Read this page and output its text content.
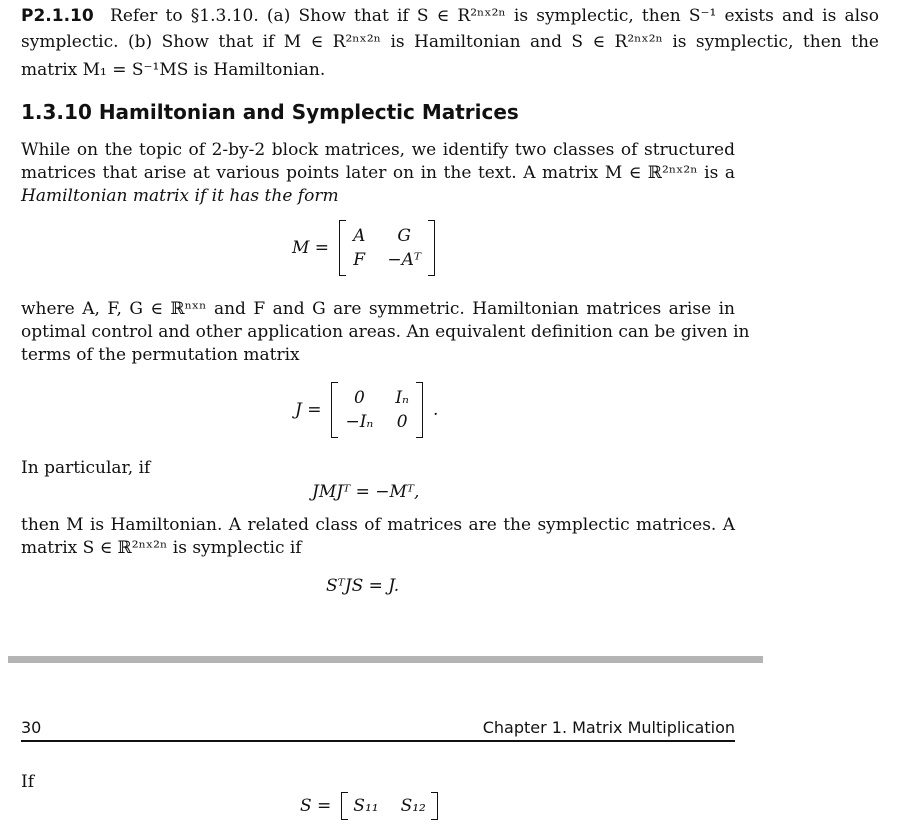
P2.1.10 Refer to §1.3.10. (a) Show that if S ∈ R²ⁿˣ²ⁿ is symplectic, then S⁻¹ exists and is also
symplectic. (b) Show that if M ∈ R²ⁿˣ²ⁿ is Hamiltonian and S ∈ R²ⁿˣ²ⁿ is symplectic, then the
matrix M₁ = S⁻¹MS is Hamiltonian.
1.3.10 Hamiltonian and Symplectic Matrices
While on the topic of 2-by-2 block matrices, we identify two classes of structured
matrices that arise at various points later on in the text. A matrix M ∈ ℝ²ⁿˣ²ⁿ is a
Hamiltonian matrix if it has the form
M =
A	G
F −Aᵀ
where A, F, G ∈ ℝⁿˣⁿ and F and G are symmetric. Hamiltonian matrices arise in
optimal control and other application areas. An equivalent definition can be given in
terms of the permutation matrix
J =
0	Iₙ
−Iₙ 0
.
In particular, if
JMJᵀ = −Mᵀ,
then M is Hamiltonian. A related class of matrices are the symplectic matrices. A
matrix S ∈ ℝ²ⁿˣ²ⁿ is symplectic if
SᵀJS = J.
30	Chapter 1. Matrix Multiplication
If
S = S₁₁ S₁₂
